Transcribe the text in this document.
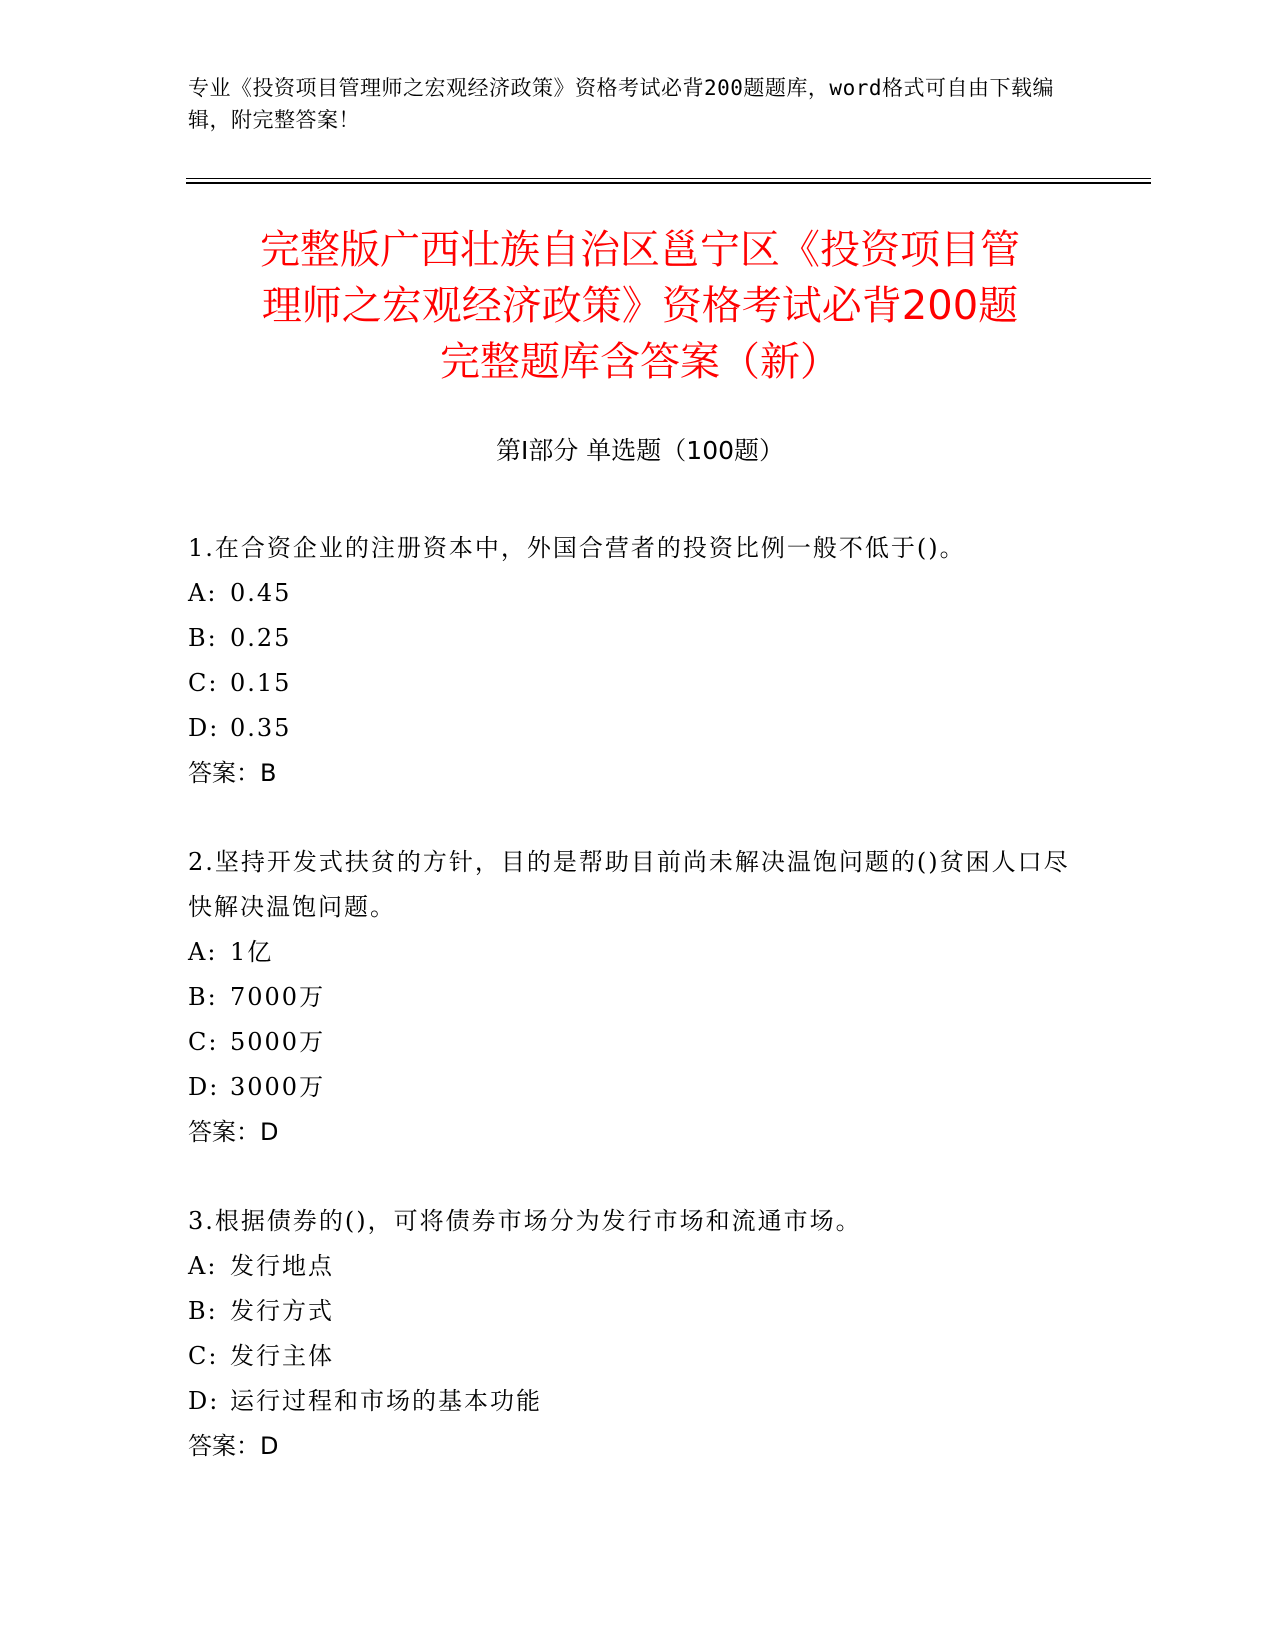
专业《投资项目管理师之宏观经济政策》资格考试必背200题题库，word格式可自由下载编辑，附完整答案！
完整版广西壮族自治区邕宁区《投资项目管
理师之宏观经济政策》资格考试必背200题
完整题库含答案（新）
第Ⅰ部分 单选题（100题）
1.在合资企业的注册资本中，外国合营者的投资比例一般不低于()。
A: 0.45
B: 0.25
C: 0.15
D: 0.35
答案：B
2.坚持开发式扶贫的方针，目的是帮助目前尚未解决温饱问题的()贫困人口尽快解决温饱问题。
A: 1亿
B: 7000万
C: 5000万
D: 3000万
答案：D
3.根据债券的()，可将债券市场分为发行市场和流通市场。
A: 发行地点
B: 发行方式
C: 发行主体
D: 运行过程和市场的基本功能
答案：D
